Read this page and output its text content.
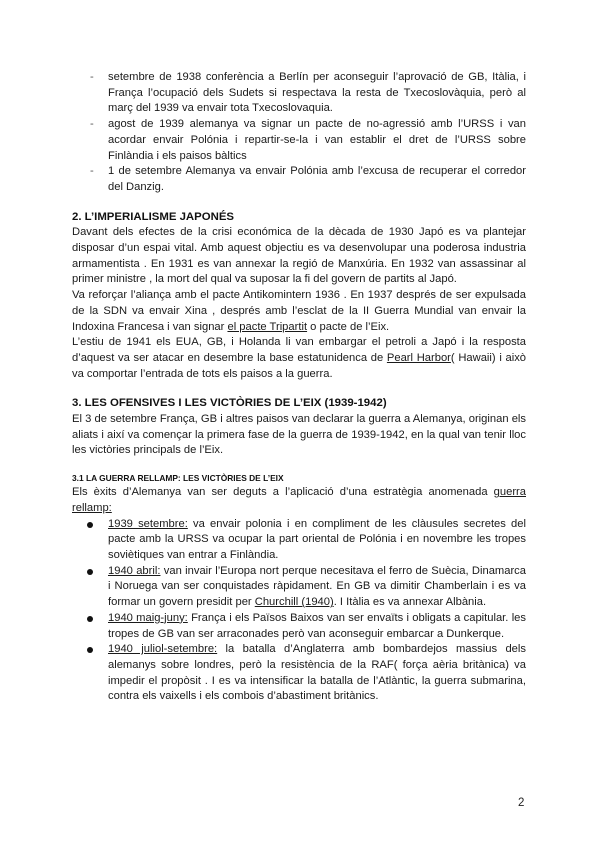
- setembre de 1938 conferència a Berlín per aconseguir l’aprovació de GB, Itàlia, i França l’ocupació dels Sudets si respectava la resta de Txecoslovàquia, però al març del 1939 va envair tota Txecoslovaquia.
- agost de 1939 alemanya va signar un pacte de no-agressió amb l’URSS i van acordar envair Polónia i repartir-se-la i van establir el dret de l’URSS sobre Finlàndia i els paisos bàltics
- 1 de setembre Alemanya va envair Polónia amb l’excusa de recuperar el corredor del Danzig.
2. L’IMPERIALISME JAPONÉS

Davant dels efectes de la crisi económica de la dècada de 1930 Japó es va plantejar disposar d’un espai vital. Amb aquest objectiu es va desenvolupar una poderosa industria armamentista . En 1931 es van annexar la regió de Manxúria. En 1932 van assassinar al primer ministre , la mort del qual va suposar la fi del govern de partits al Japó.

Va reforçar l’aliança amb el pacte Antikomintern 1936 . En 1937 després de ser expulsada de la SDN va envair Xina , després amb l’esclat de la II Guerra Mundial van envair la Indoxina Francesa i van signar el pacte Tripartit o pacte de l’Eix.

L’estiu de 1941 els EUA, GB, i Holanda li van embargar el petroli a Japó i la resposta d’aquest va ser atacar en desembre la base estatunidenca de Pearl Harbor( Hawaii) i això va comportar l’entrada de tots els paisos a la guerra.

3. LES OFENSIVES I LES VICTÒRIES DE L’EIX (1939-1942)

El 3 de setembre França, GB i altres paisos van declarar la guerra a Alemanya, originan els aliats i així va començar la primera fase de la guerra de 1939-1942, en la qual van tenir lloc les victòries principals de l’Eix.

3.1 LA GUERRA RELLAMP: LES VICTÒRIES DE L’EIX

Els èxits d’Alemanya van ser deguts a l’aplicació d’una estratègia anomenada guerra rellamp:

1939 setembre: va envair polonia i en compliment de les clàusules secretes del pacte amb la URSS va ocupar la part oriental de Polónia i en novembre les tropes soviètiques van entrar a Finlàndia.
1940 abril: van invair l’Europa nort perque necesitava el ferro de Suècia, Dinamarca i Noruega van ser conquistades ràpidament. En GB va dimitir Chamberlain i es va formar un govern presidit per Churchill (1940). I Itàlia es va annexar Albània.
1940 maig-juny: França i els Països Baixos van ser envaïts i obligats a capitular. les tropes de GB van ser arraconades però van aconseguir embarcar a Dunkerque.
1940 juliol-setembre: la batalla d’Anglaterra amb bombardejos massius dels alemanys sobre londres, però la resistència de la RAF( força aèria britànica) va impedir el propòsit . I es va intensificar la batalla de l’Atlàntic, la guerra submarina, contra els vaixells i els combois d’abastiment britànics.
2
